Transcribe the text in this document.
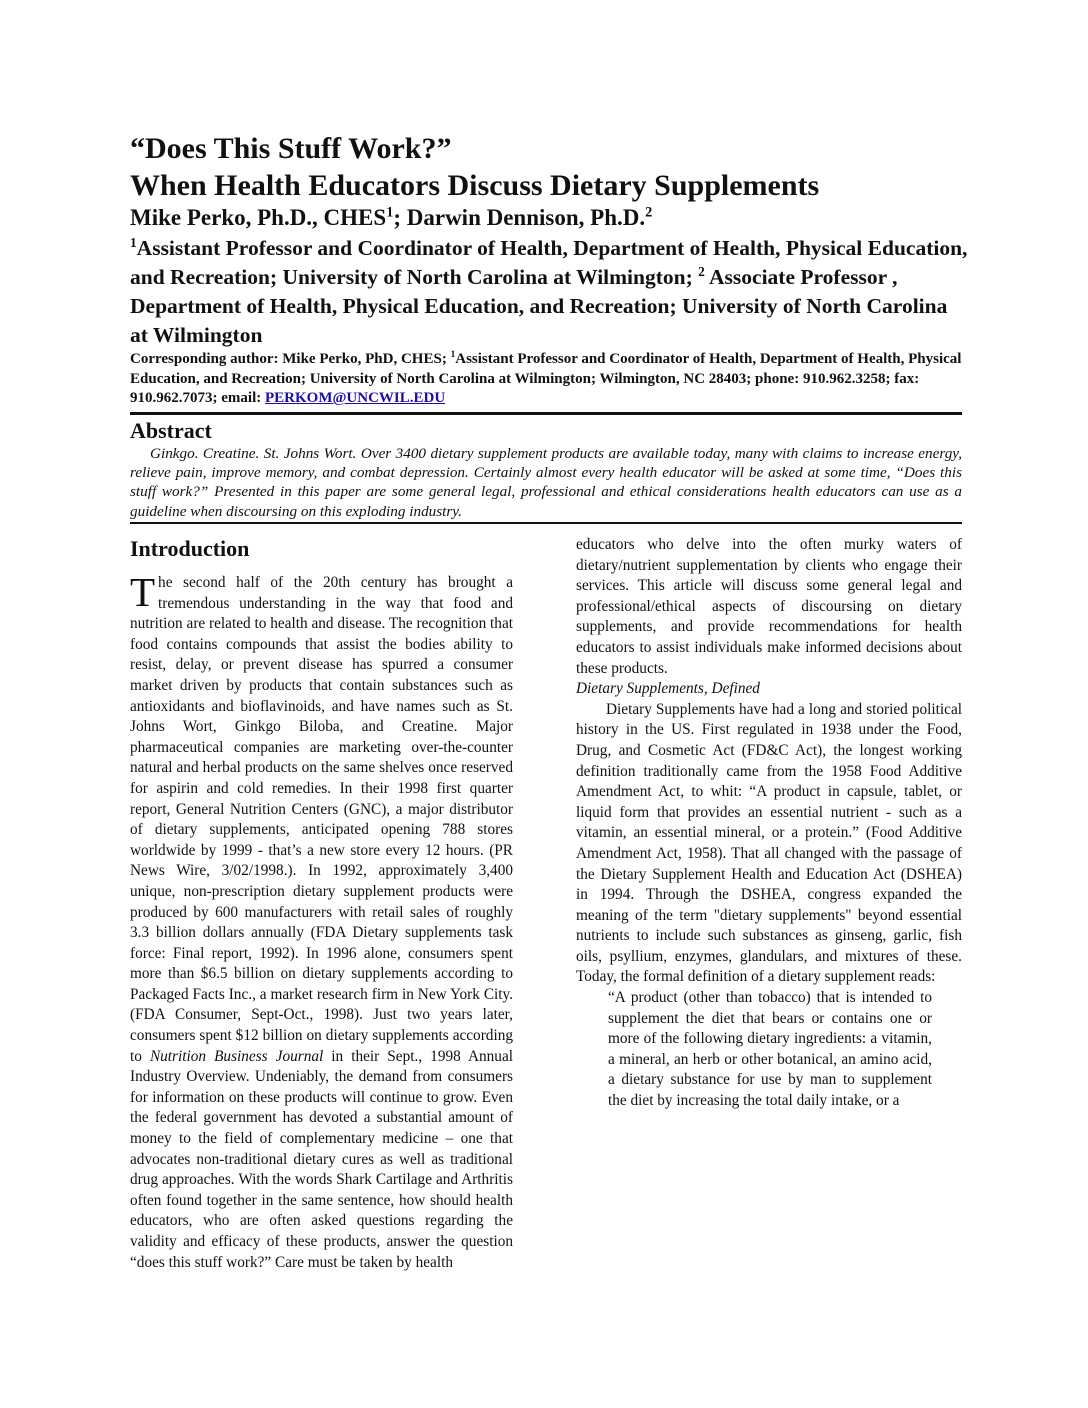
“Does This Stuff Work?”
When Health Educators Discuss Dietary Supplements
Mike Perko, Ph.D., CHES$^1$; Darwin Dennison, Ph.D.$^2$
$^1$Assistant Professor and Coordinator of Health, Department of Health, Physical Education, and Recreation; University of North Carolina at Wilmington; $^2$ Associate Professor , Department of Health, Physical Education, and Recreation; University of North Carolina at Wilmington
Corresponding author: Mike Perko, PhD, CHES; $^1$Assistant Professor and Coordinator of Health, Department of Health, Physical Education, and Recreation; University of North Carolina at Wilmington; Wilmington, NC 28403; phone: 910.962.3258; fax: 910.962.7073; email: PERKOM@UNCWIL.EDU
Abstract

Ginkgo. Creatine. St. Johns Wort. Over 3400 dietary supplement products are available today, many with claims to increase energy, relieve pain, improve memory, and combat depression. Certainly almost every health educator will be asked at some time, “Does this stuff work?” Presented in this paper are some general legal, professional and ethical considerations health educators can use as a guideline when discoursing on this exploding industry.

Introduction

The second half of the 20th century has brought a tremendous understanding in the way that food and nutrition are related to health and disease. The recognition that food contains compounds that assist the bodies ability to resist, delay, or prevent disease has spurred a consumer market driven by products that contain substances such as antioxidants and bioflavinoids, and have names such as St. Johns Wort, Ginkgo Biloba, and Creatine. Major pharmaceutical companies are marketing over-the-counter natural and herbal products on the same shelves once reserved for aspirin and cold remedies. In their 1998 first quarter report, General Nutrition Centers (GNC), a major distributor of dietary supplements, anticipated opening 788 stores worldwide by 1999 - that’s a new store every 12 hours. (PR News Wire, 3/02/1998.). In 1992, approximately 3,400 unique, non-prescription dietary supplement products were produced by 600 manufacturers with retail sales of roughly 3.3 billion dollars annually (FDA Dietary supplements task force: Final report, 1992). In 1996 alone, consumers spent more than $6.5 billion on dietary supplements according to Packaged Facts Inc., a market research firm in New York City. (FDA Consumer, Sept-Oct., 1998). Just two years later, consumers spent $12 billion on dietary supplements according to Nutrition Business Journal in their Sept., 1998 Annual Industry Overview. Undeniably, the demand from consumers for information on these products will continue to grow. Even the federal government has devoted a substantial amount of money to the field of complementary medicine – one that advocates non-traditional dietary cures as well as traditional drug approaches. With the words Shark Cartilage and Arthritis often found together in the same sentence, how should health educators, who are often asked questions regarding the validity and efficacy of these products, answer the question “does this stuff work?” Care must be taken by health

educators who delve into the often murky waters of dietary/nutrient supplementation by clients who engage their services. This article will discuss some general legal and professional/ethical aspects of discoursing on dietary supplements, and provide recommendations for health educators to assist individuals make informed decisions about these products.

Dietary Supplements, Defined

Dietary Supplements have had a long and storied political history in the US. First regulated in 1938 under the Food, Drug, and Cosmetic Act (FD&C Act), the longest working definition traditionally came from the 1958 Food Additive Amendment Act, to whit: “A product in capsule, tablet, or liquid form that provides an essential nutrient - such as a vitamin, an essential mineral, or a protein.” (Food Additive Amendment Act, 1958). That all changed with the passage of the Dietary Supplement Health and Education Act (DSHEA) in 1994. Through the DSHEA, congress expanded the meaning of the term "dietary supplements" beyond essential nutrients to include such substances as ginseng, garlic, fish oils, psyllium, enzymes, glandulars, and mixtures of these. Today, the formal definition of a dietary supplement reads:

“A product (other than tobacco) that is intended to supplement the diet that bears or contains one or more of the following dietary ingredients: a vitamin, a mineral, an herb or other botanical, an amino acid, a dietary substance for use by man to supplement the diet by increasing the total daily intake, or a
